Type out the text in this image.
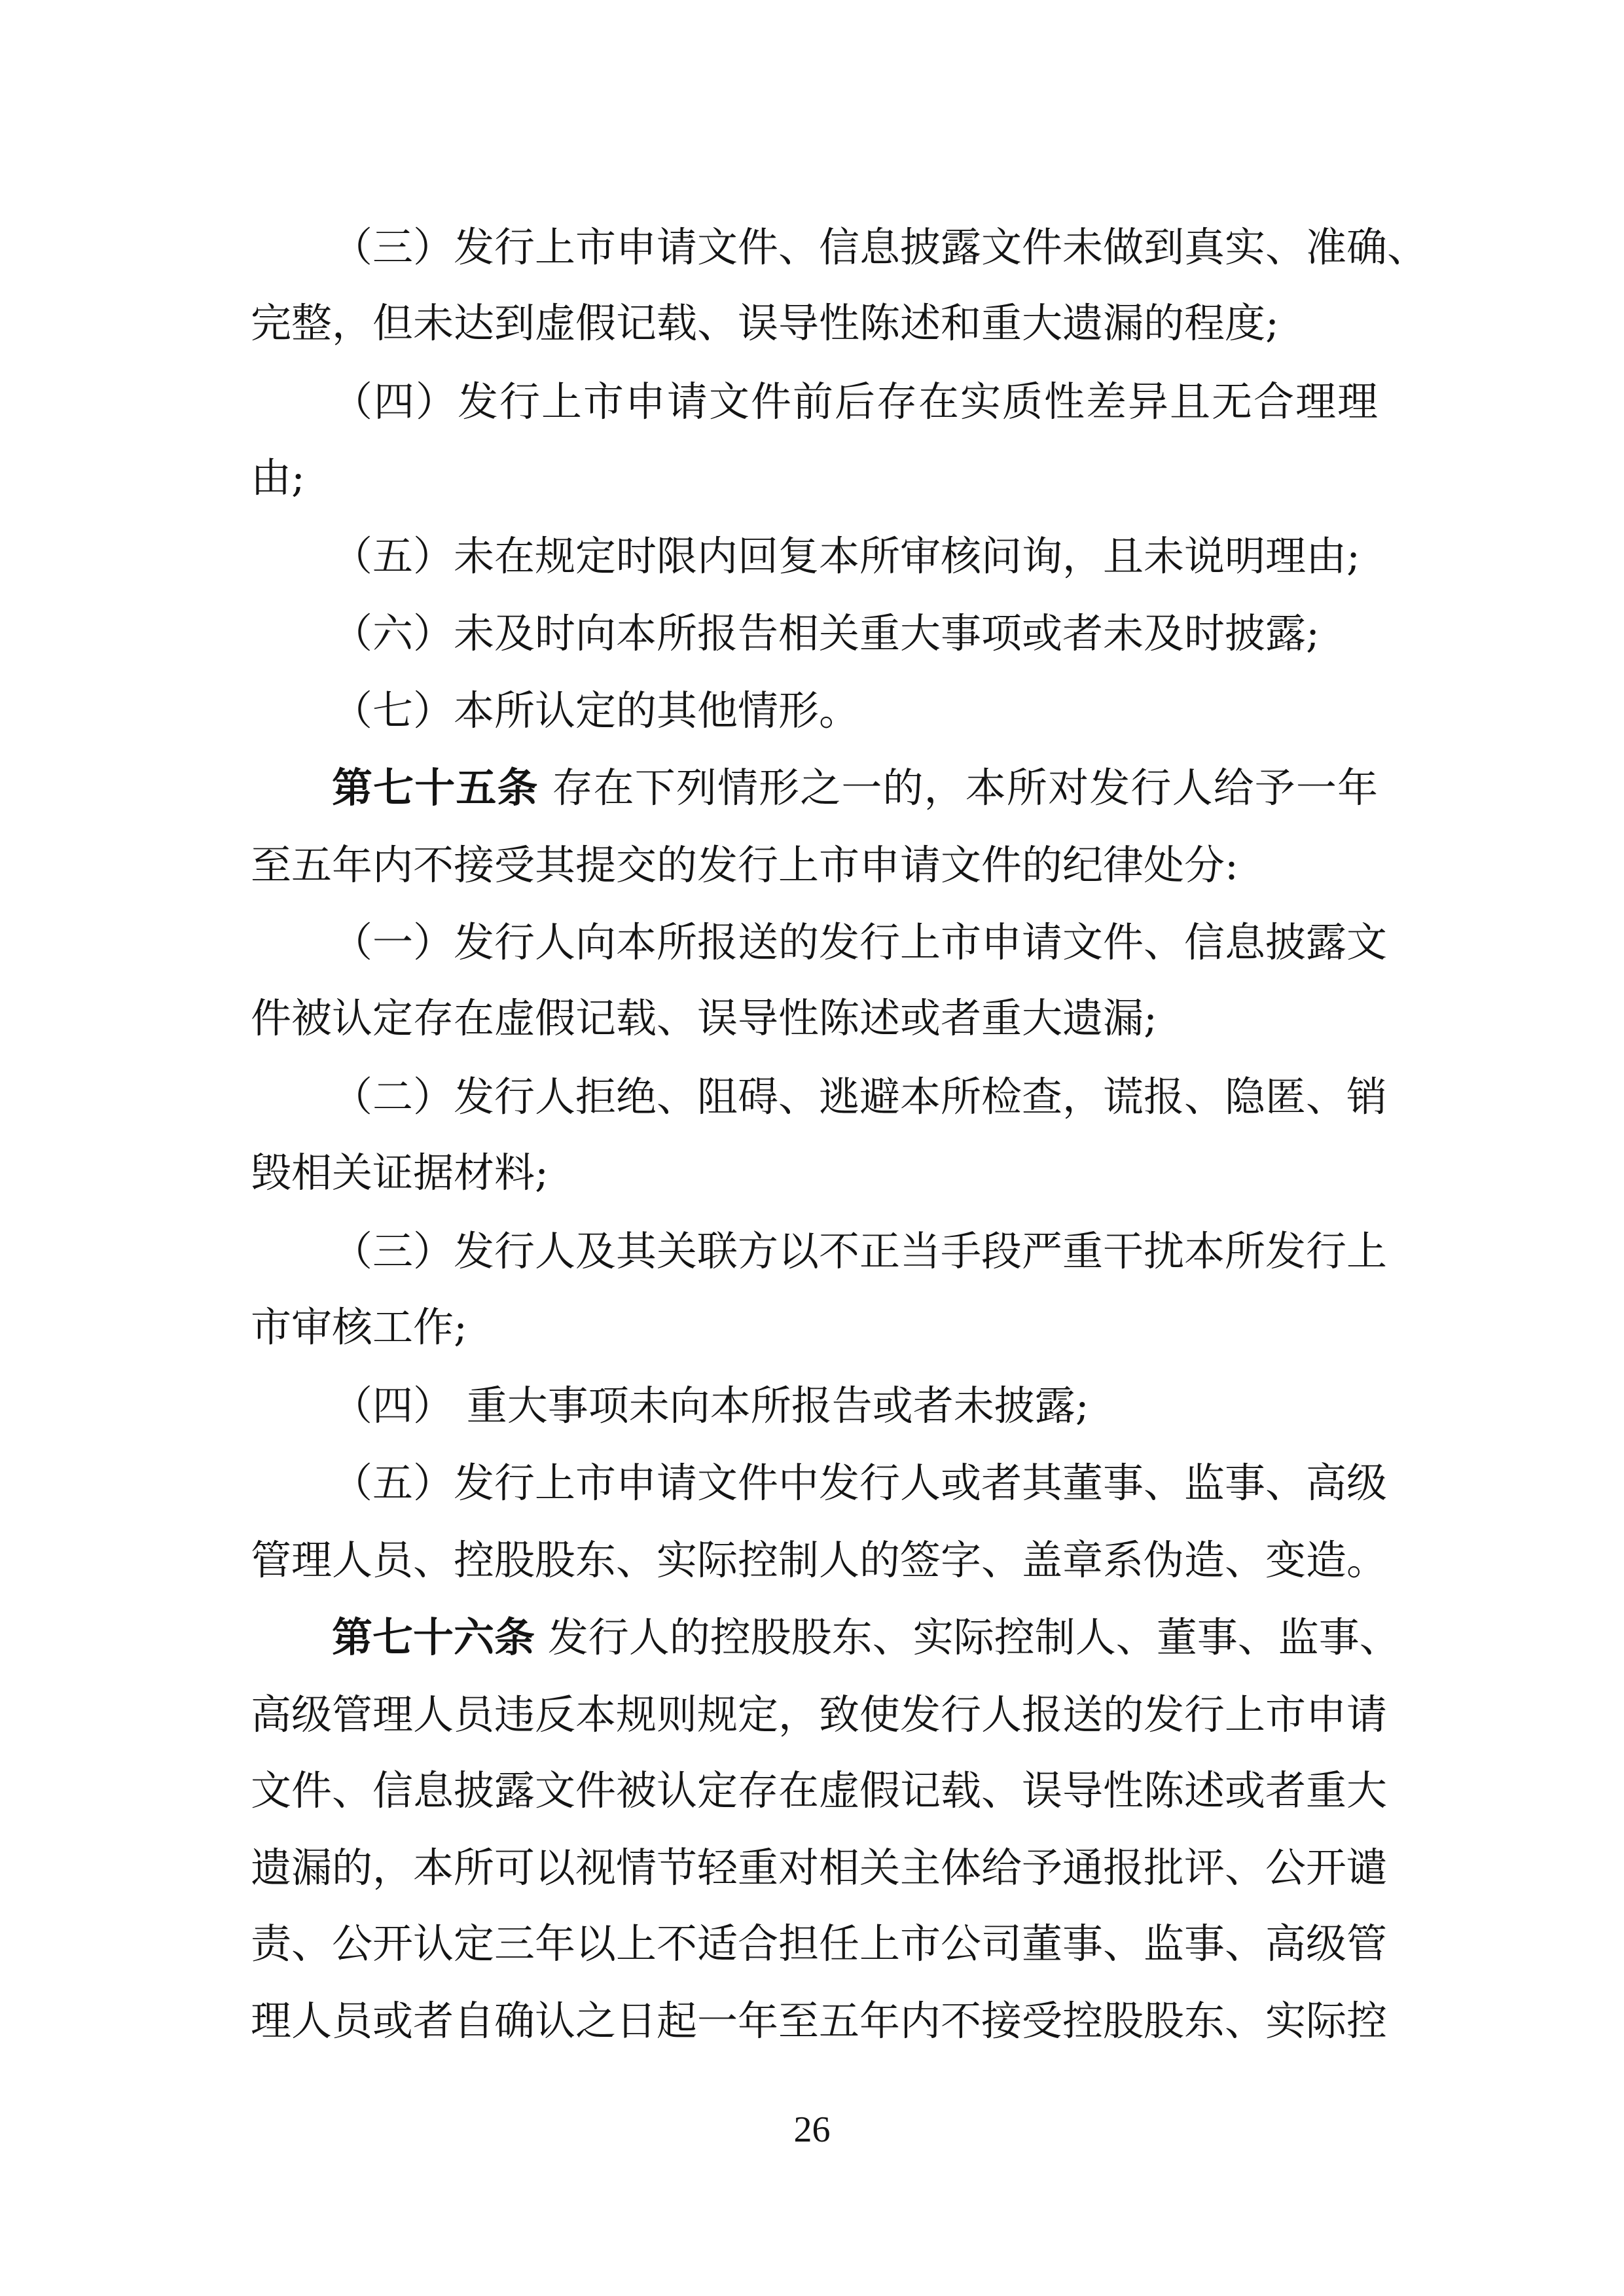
（三）发行上市申请文件、信息披露文件未做到真实、准确、
完整，但未达到虚假记载、误导性陈述和重大遗漏的程度;
（四）发行上市申请文件前后存在实质性差异且无合理理
由;
（五）未在规定时限内回复本所审核问询，且未说明理由;
（六）未及时向本所报告相关重大事项或者未及时披露;
（七）本所认定的其他情形。
第七十五条 存在下列情形之一的，本所对发行人给予一年
至五年内不接受其提交的发行上市申请文件的纪律处分:
（一）发行人向本所报送的发行上市申请文件、信息披露文
件被认定存在虚假记载、误导性陈述或者重大遗漏;
（二）发行人拒绝、阻碍、逃避本所检查，谎报、隐匿、销
毁相关证据材料;
（三）发行人及其关联方以不正当手段严重干扰本所发行上
市审核工作;
（四） 重大事项未向本所报告或者未披露;
（五）发行上市申请文件中发行人或者其董事、监事、高级
管理人员、控股股东、实际控制人的签字、盖章系伪造、变造。
第七十六条 发行人的控股股东、实际控制人、董事、监事、
高级管理人员违反本规则规定，致使发行人报送的发行上市申请
文件、信息披露文件被认定存在虚假记载、误导性陈述或者重大
遗漏的，本所可以视情节轻重对相关主体给予通报批评、公开谴
责、公开认定三年以上不适合担任上市公司董事、监事、高级管
理人员或者自确认之日起一年至五年内不接受控股股东、实际控
26
